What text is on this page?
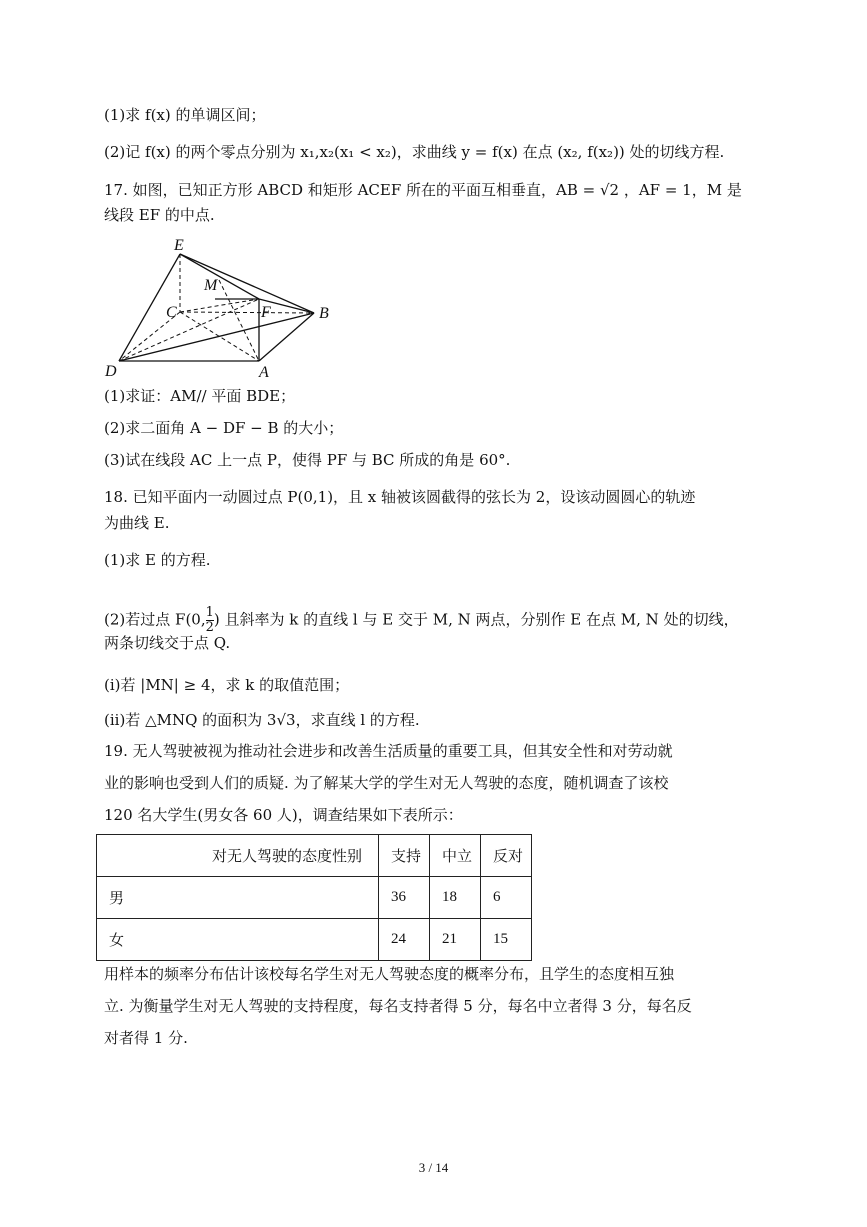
(1)求 f(x) 的单调区间；
(2)记 f(x) 的两个零点分别为 x₁,x₂(x₁ < x₂)，求曲线 y = f(x) 在点 (x₂, f(x₂)) 处的切线方程.
17. 如图，已知正方形 ABCD 和矩形 ACEF 所在的平面互相垂直，AB = √2 ，AF = 1，M 是
线段 EF 的中点.
E
M
C	F	B
D	A
(1)求证：AM// 平面 BDE；
(2)求二面角 A − DF − B 的大小；
(3)试在线段 AC 上一点 P，使得 PF 与 BC 所成的角是 60°.
18. 已知平面内一动圆过点 P(0,1)，且 x 轴被该圆截得的弦长为 2，设该动圆圆心的轨迹
为曲线 E.
(1)求 E 的方程.
(2)若过点 F(0, $\frac{1}{2}$ ) 且斜率为 k 的直线 l 与 E 交于 M, N 两点，分别作 E 在点 M, N 处的切线，
两条切线交于点 Q.
(i)若 |MN| ≥ 4，求 k 的取值范围；
(ii)若 △MNQ 的面积为 3√3，求直线 l 的方程.
19. 无人驾驶被视为推动社会进步和改善生活质量的重要工具，但其安全性和对劳动就
业的影响也受到人们的质疑. 为了解某大学的学生对无人驾驶的态度，随机调查了该校
120 名大学生(男女各 60 人)，调查结果如下表所示：
对无人驾驶的态度性别	支持	中立	反对
男	36	18	6
女	24	21	15
用样本的频率分布估计该校每名学生对无人驾驶态度的概率分布，且学生的态度相互独
立. 为衡量学生对无人驾驶的支持程度，每名支持者得 5 分，每名中立者得 3 分，每名反
对者得 1 分.
3 / 14
